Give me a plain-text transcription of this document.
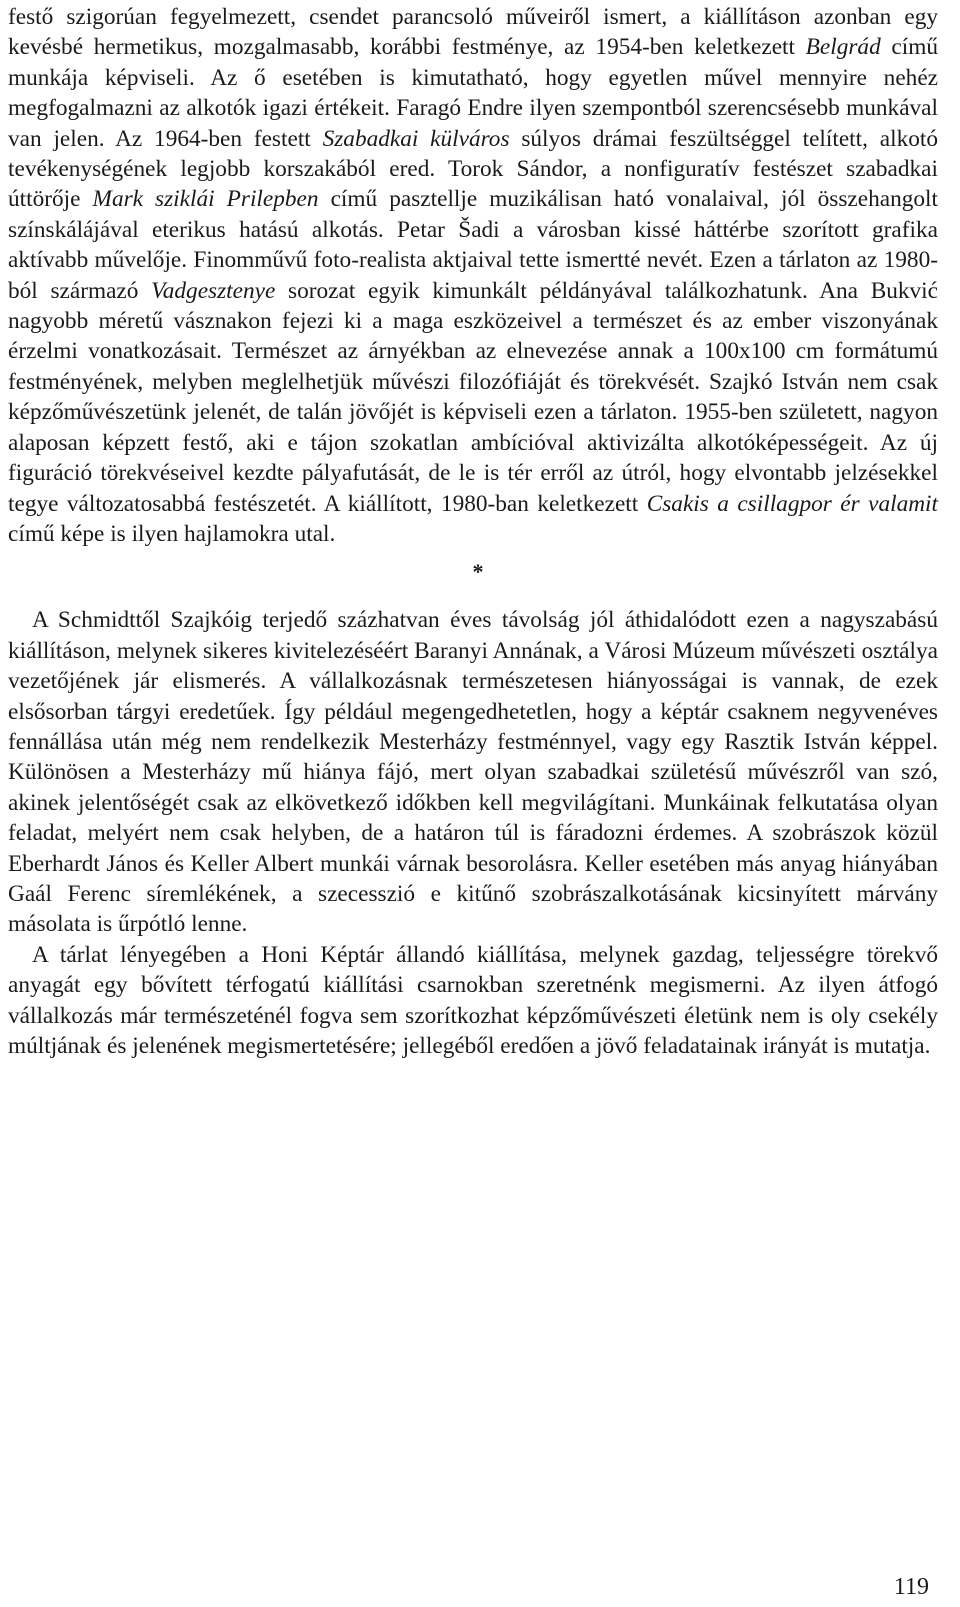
festő szigorúan fegyelmezett, csendet parancsoló műveiről ismert, a kiállításon azonban egy kevésbé hermetikus, mozgalmasabb, korábbi festménye, az 1954-ben keletkezett Belgrád című munkája képviseli. Az ő esetében is kimutatható, hogy egyetlen művel mennyire nehéz megfogalmazni az alkotók igazi értékeit. Faragó Endre ilyen szempontból szerencsésebb munkával van jelen. Az 1964-ben festett Szabadkai külváros súlyos drámai feszültséggel telített, alkotó tevékenységének legjobb korszakából ered. Torok Sándor, a nonfiguratív festészet szabadkai úttörője Mark sziklái Prilepben című pasztellje muzikálisan ható vonalaival, jól összehangolt színskálájával eterikus hatású alkotás. Petar Šadi a városban kissé háttérbe szorított grafika aktívabb művelője. Finomművű foto-realista aktjaival tette ismertté nevét. Ezen a tárlaton az 1980-ból származó Vadgesztenye sorozat egyik kimunkált példányával találkozhatunk. Ana Bukvić nagyobb méretű vásznakon fejezi ki a maga eszközeivel a természet és az ember viszonyának érzelmi vonatkozásait. Természet az árnyékban az elnevezése annak a 100x100 cm formátumú festményének, melyben meglelhetjük művészi filozófiáját és törekvését. Szajkó István nem csak képzőművészetünk jelenét, de talán jövőjét is képviseli ezen a tárlaton. 1955-ben született, nagyon alaposan képzett festő, aki e tájon szokatlan ambícióval aktivizálta alkotóképességeit. Az új figuráció törekvéseivel kezdte pályafutását, de le is tér erről az útról, hogy elvontabb jelzésekkel tegye változatosabbá festészetét. A kiállított, 1980-ban keletkezett Csakis a csillagpor ér valamit című képe is ilyen hajlamokra utal.

*

A Schmidttől Szajkóig terjedő százhatvan éves távolság jól áthidalódott ezen a nagyszabású kiállításon, melynek sikeres kivitelezéséért Baranyi Annának, a Városi Múzeum művészeti osztálya vezetőjének jár elismerés. A vállalkozásnak természetesen hiányosságai is vannak, de ezek elsősorban tárgyi eredetűek. Így például megengedhetetlen, hogy a képtár csaknem negyvenéves fennállása után még nem rendelkezik Mesterházy festménnyel, vagy egy Rasztik István képpel. Különösen a Mesterházy mű hiánya fájó, mert olyan szabadkai születésű művészről van szó, akinek jelentőségét csak az elkövetkező időkben kell megvilágítani. Munkáinak felkutatása olyan feladat, melyért nem csak helyben, de a határon túl is fáradozni érdemes. A szobrászok közül Eberhardt János és Keller Albert munkái várnak besorolásra. Keller esetében más anyag hiányában Gaál Ferenc síremlékének, a szecesszió e kitűnő szobrászalkotásának kicsinyített márvány másolata is űrpótló lenne.

A tárlat lényegében a Honi Képtár állandó kiállítása, melynek gazdag, teljességre törekvő anyagát egy bővített térfogatú kiállítási csarnokban szeretnénk megismerni. Az ilyen átfogó vállalkozás már természeténél fogva sem szorítkozhat képzőművészeti életünk nem is oly csekély múltjának és jelenének megismertetésére; jellegéből eredően a jövő feladatainak irányát is mutatja.

119
